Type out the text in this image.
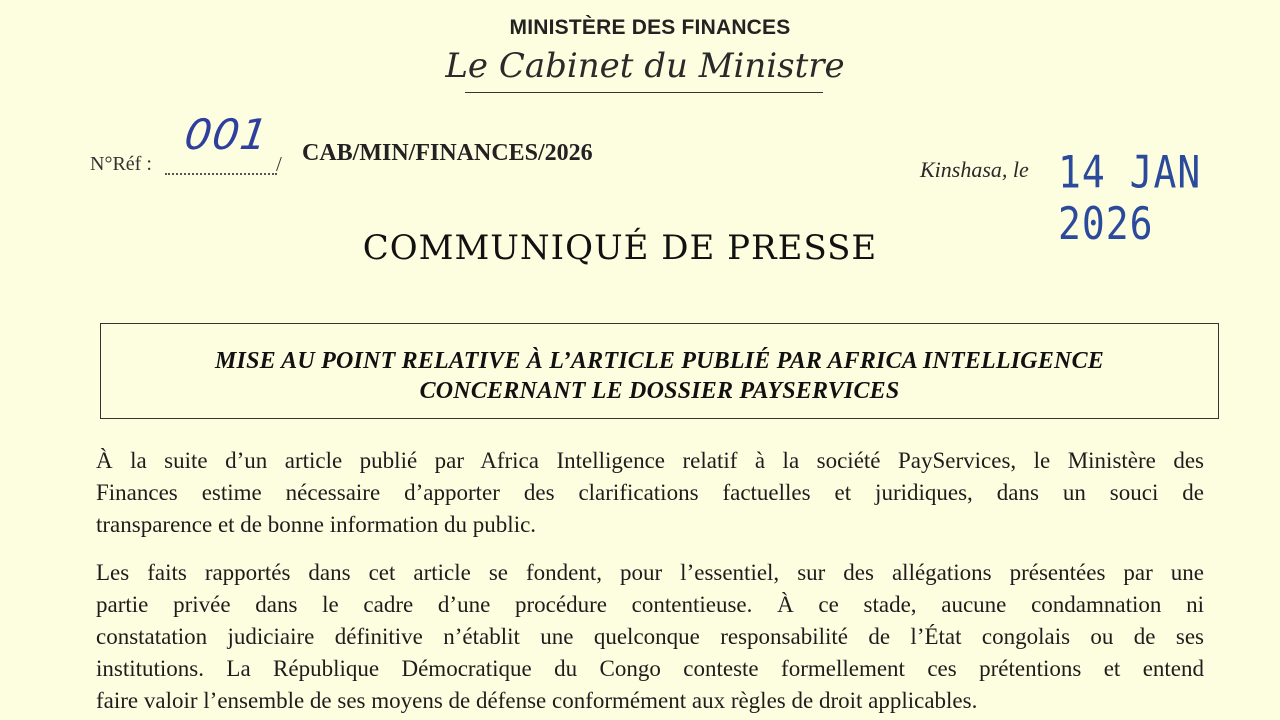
MINISTÈRE DES FINANCES
Le Cabinet du Ministre
N°Réf :
001
/ CAB/MIN/FINANCES/2026
Kinshasa, le 14 JAN 2026
COMMUNIQUÉ DE PRESSE
MISE AU POINT RELATIVE À L’ARTICLE PUBLIÉ PAR AFRICA INTELLIGENCE
CONCERNANT LE DOSSIER PAYSERVICES
À la suite d’un article publié par Africa Intelligence relatif à la société PayServices, le Ministère des
Finances estime nécessaire d’apporter des clarifications factuelles et juridiques, dans un souci de
transparence et de bonne information du public.
Les faits rapportés dans cet article se fondent, pour l’essentiel, sur des allégations présentées par une
partie privée dans le cadre d’une procédure contentieuse. À ce stade, aucune condamnation ni
constatation judiciaire définitive n’établit une quelconque responsabilité de l’État congolais ou de ses
institutions. La République Démocratique du Congo conteste formellement ces prétentions et entend
faire valoir l’ensemble de ses moyens de défense conformément aux règles de droit applicables.
